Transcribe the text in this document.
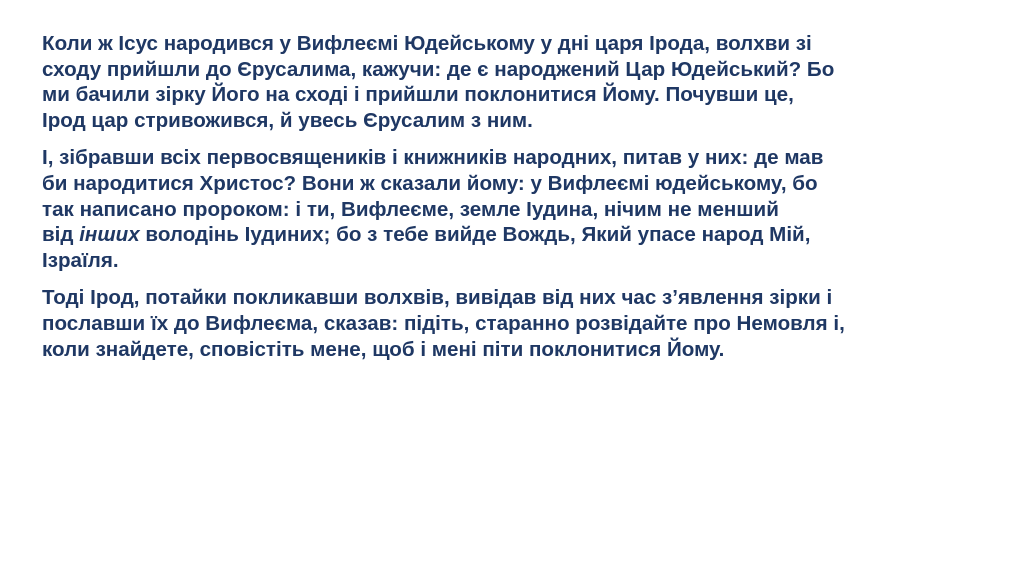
Коли ж Ісус народився у Вифлеємі Юдейському у дні царя Ірода, волхви зі
сходу прийшли до Єрусалима, кажучи: де є народжений Цар Юдейський? Бо
ми бачили зірку Його на сході і прийшли поклонитися Йому. Почувши це,
Ірод цар стривожився, й увесь Єрусалим з ним.

І, зібравши всіх первосвящеників і книжників народних, питав у них: де мав
би народитися Христос? Вони ж сказали йому: у Вифлеємі юдейському, бо
так написано пророком: і ти, Вифлеєме, земле Іудина, нічим не менший
від інших володінь Іудиних; бо з тебе вийде Вождь, Який упасе народ Мій,
Ізраїля.

Тоді Ірод, потайки покликавши волхвів, вивідав від них час з’явлення зірки і
пославши їх до Вифлеєма, сказав: підіть, старанно розвідайте про Немовля і,
коли знайдете, сповістіть мене, щоб і мені піти поклонитися Йому.
